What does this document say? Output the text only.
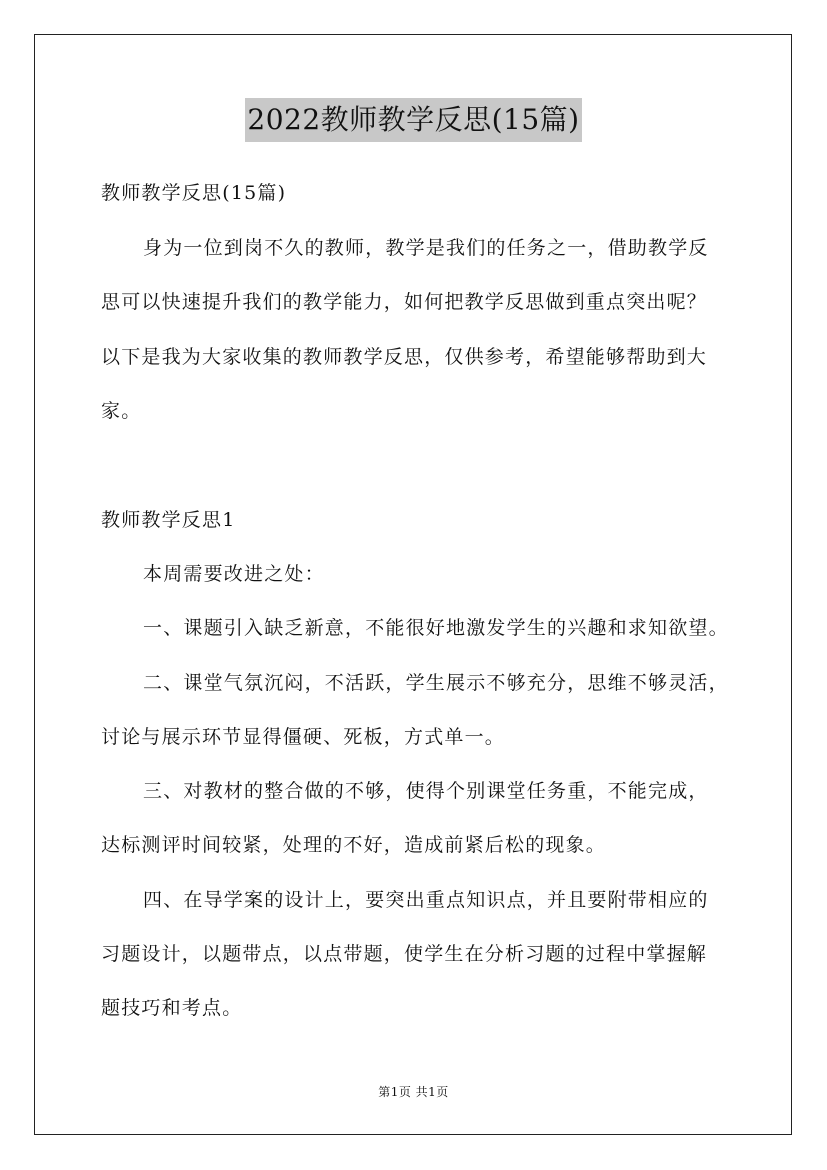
2022教师教学反思(15篇)
教师教学反思(15篇)
身为一位到岗不久的教师，教学是我们的任务之一，借助教学反
思可以快速提升我们的教学能力，如何把教学反思做到重点突出呢？
以下是我为大家收集的教师教学反思，仅供参考，希望能够帮助到大
家。
教师教学反思1
本周需要改进之处：
一、课题引入缺乏新意，不能很好地激发学生的兴趣和求知欲望。
二、课堂气氛沉闷，不活跃，学生展示不够充分，思维不够灵活，
讨论与展示环节显得僵硬、死板，方式单一。
三、对教材的整合做的不够，使得个别课堂任务重，不能完成，
达标测评时间较紧，处理的不好，造成前紧后松的现象。
四、在导学案的设计上，要突出重点知识点，并且要附带相应的
习题设计，以题带点，以点带题，使学生在分析习题的过程中掌握解
题技巧和考点。
第1页 共1页
